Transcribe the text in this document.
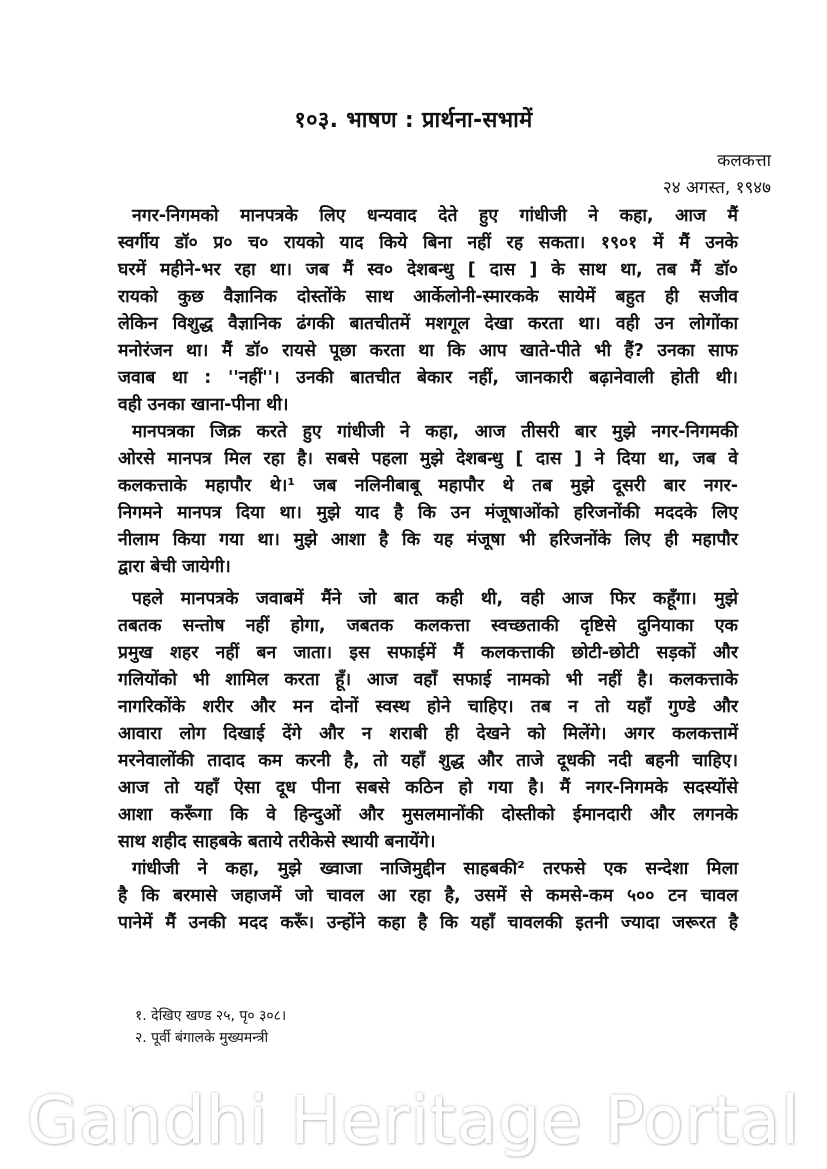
१०३. भाषण : प्रार्थना-सभामें
कलकत्ता
२४ अगस्त, १९४७
नगर-निगमको मानपत्रके लिए धन्यवाद देते हुए गांधीजी ने कहा, आज मैं
स्वर्गीय डॉ० प्र० च० रायको याद किये बिना नहीं रह सकता। १९०१ में मैं उनके
घरमें महीने-भर रहा था। जब मैं स्व० देशबन्धु [ दास ] के साथ था, तब मैं डॉ०
रायको कुछ वैज्ञानिक दोस्तोंके साथ आर्केलोनी-स्मारकके सायेमें बहुत ही सजीव
लेकिन विशुद्ध वैज्ञानिक ढंगकी बातचीतमें मशगूल देखा करता था। वही उन लोगोंका
मनोरंजन था। मैं डॉ० रायसे पूछा करता था कि आप खाते-पीते भी हैं? उनका साफ
जवाब था : ''नहीं''। उनकी बातचीत बेकार नहीं, जानकारी बढ़ानेवाली होती थी।
वही उनका खाना-पीना थी।
मानपत्रका जिक्र करते हुए गांधीजी ने कहा, आज तीसरी बार मुझे नगर-निगमकी
ओरसे मानपत्र मिल रहा है। सबसे पहला मुझे देशबन्धु [ दास ] ने दिया था, जब वे
कलकत्ताके महापौर थे।¹ जब नलिनीबाबू महापौर थे तब मुझे दूसरी बार नगर-
निगमने मानपत्र दिया था। मुझे याद है कि उन मंजूषाओंको हरिजनोंकी मददके लिए
नीलाम किया गया था। मुझे आशा है कि यह मंजूषा भी हरिजनोंके लिए ही महापौर
द्वारा बेची जायेगी।
पहले मानपत्रके जवाबमें मैंने जो बात कही थी, वही आज फिर कहूँगा। मुझे
तबतक सन्तोष नहीं होगा, जबतक कलकत्ता स्वच्छताकी दृष्टिसे दुनियाका एक
प्रमुख शहर नहीं बन जाता। इस सफाईमें मैं कलकत्ताकी छोटी-छोटी सड़कों और
गलियोंको भी शामिल करता हूँ। आज वहाँ सफाई नामको भी नहीं है। कलकत्ताके
नागरिकोंके शरीर और मन दोनों स्वस्थ होने चाहिए। तब न तो यहाँ गुण्डे और
आवारा लोग दिखाई देंगे और न शराबी ही देखने को मिलेंगे। अगर कलकत्तामें
मरनेवालोंकी तादाद कम करनी है, तो यहाँ शुद्ध और ताजे दूधकी नदी बहनी चाहिए।
आज तो यहाँ ऐसा दूध पीना सबसे कठिन हो गया है। मैं नगर-निगमके सदस्योंसे
आशा करूँगा कि वे हिन्दुओं और मुसलमानोंकी दोस्तीको ईमानदारी और लगनके
साथ शहीद साहबके बताये तरीकेसे स्थायी बनायेंगे।
गांधीजी ने कहा, मुझे ख्वाजा नाजिमुद्दीन साहबकी² तरफसे एक सन्देशा मिला
है कि बरमासे जहाजमें जो चावल आ रहा है, उसमें से कमसे-कम ५०० टन चावल
पानेमें मैं उनकी मदद करूँ। उन्होंने कहा है कि यहाँ चावलकी इतनी ज्यादा जरूरत है
१. देखिए खण्ड २५, पृ० ३०८।
२. पूर्वी बंगालके मुख्यमन्त्री
Gandhi Heritage Portal
